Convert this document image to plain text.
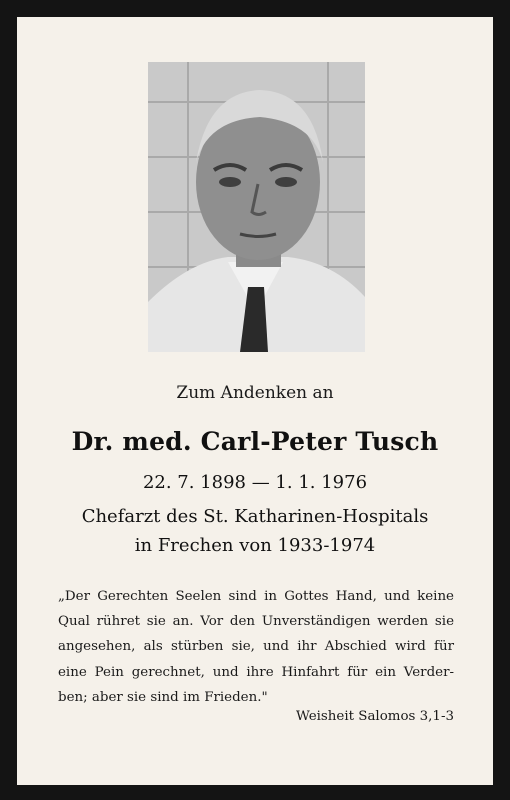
Zum Andenken an
Dr. med. Carl-Peter Tusch
22. 7. 1898 — 1. 1. 1976
Chefarzt des St. Katharinen-Hospitals
in Frechen von 1933-1974
„Der Gerechten Seelen sind in Gottes Hand, und keine
Qual rühret sie an. Vor den Unverständigen werden sie
angesehen, als stürben sie, und ihr Abschied wird für
eine Pein gerechnet, und ihre Hinfahrt für ein Verder-
ben; aber sie sind im Frieden."
Weisheit Salomos 3,1-3
